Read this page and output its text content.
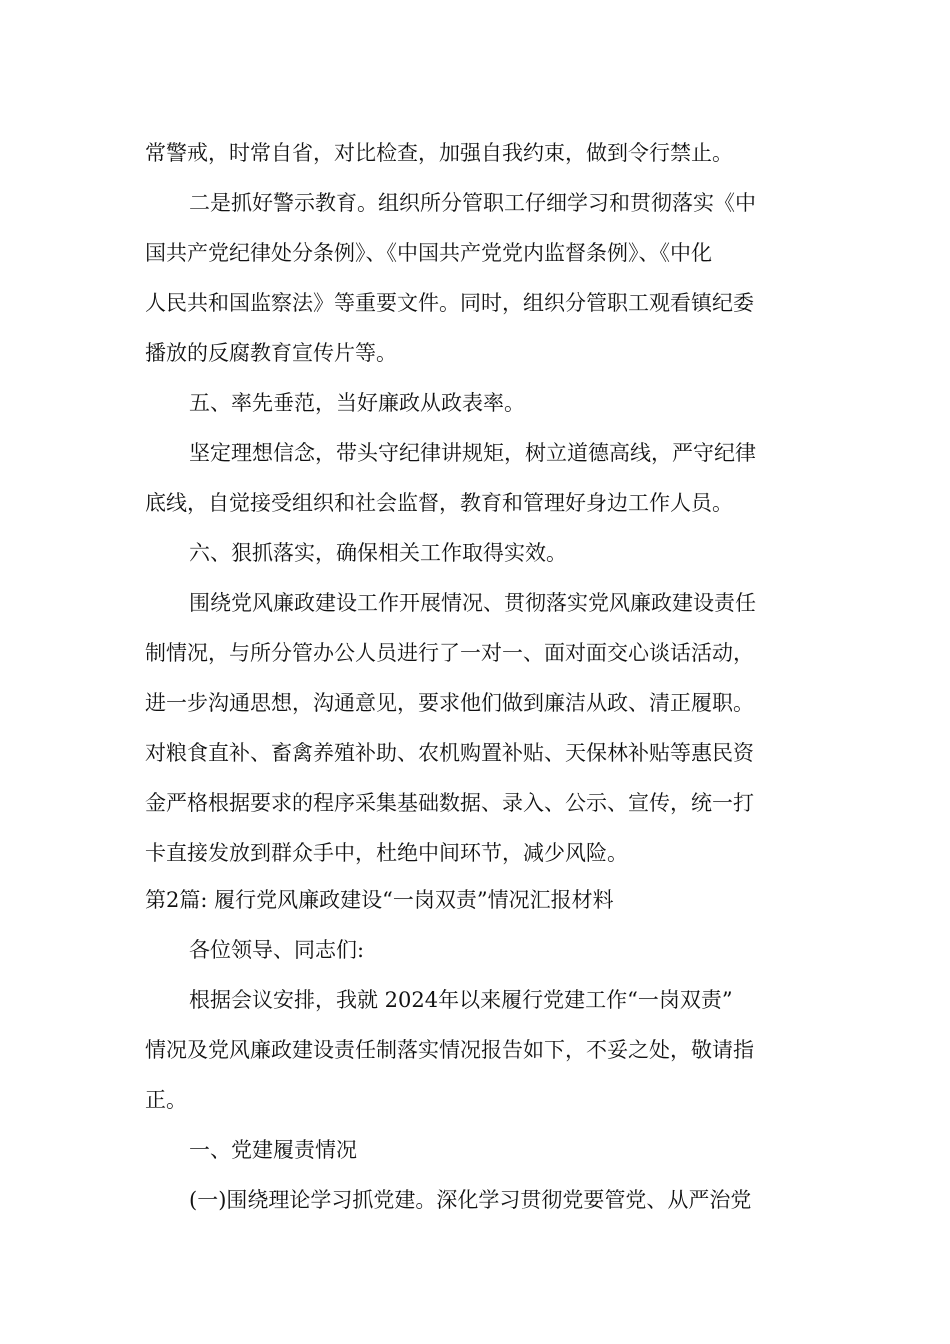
常警戒，时常自省，对比检查，加强自我约束，做到令行禁止。
二是抓好警示教育。组织所分管职工仔细学习和贯彻落实《中
国共产党纪律处分条例》、《中国共产党党内监督条例》、《中化
人民共和国监察法》等重要文件。同时，组织分管职工观看镇纪委
播放的反腐教育宣传片等。
五、率先垂范，当好廉政从政表率。
坚定理想信念，带头守纪律讲规矩，树立道德高线，严守纪律
底线，自觉接受组织和社会监督，教育和管理好身边工作人员。
六、狠抓落实，确保相关工作取得实效。
围绕党风廉政建设工作开展情况、贯彻落实党风廉政建设责任
制情况，与所分管办公人员进行了一对一、面对面交心谈话活动，
进一步沟通思想，沟通意见，要求他们做到廉洁从政、清正履职。
对粮食直补、畜禽养殖补助、农机购置补贴、天保林补贴等惠民资
金严格根据要求的程序采集基础数据、录入、公示、宣传，统一打
卡直接发放到群众手中，杜绝中间环节，减少风险。
第2篇: 履行党风廉政建设“一岗双责”情况汇报材料
各位领导、同志们:
根据会议安排，我就 2024年以来履行党建工作“一岗双责”
情况及党风廉政建设责任制落实情况报告如下，不妥之处，敬请指
正。
一、党建履责情况
(一)围绕理论学习抓党建。深化学习贯彻党要管党、从严治党
